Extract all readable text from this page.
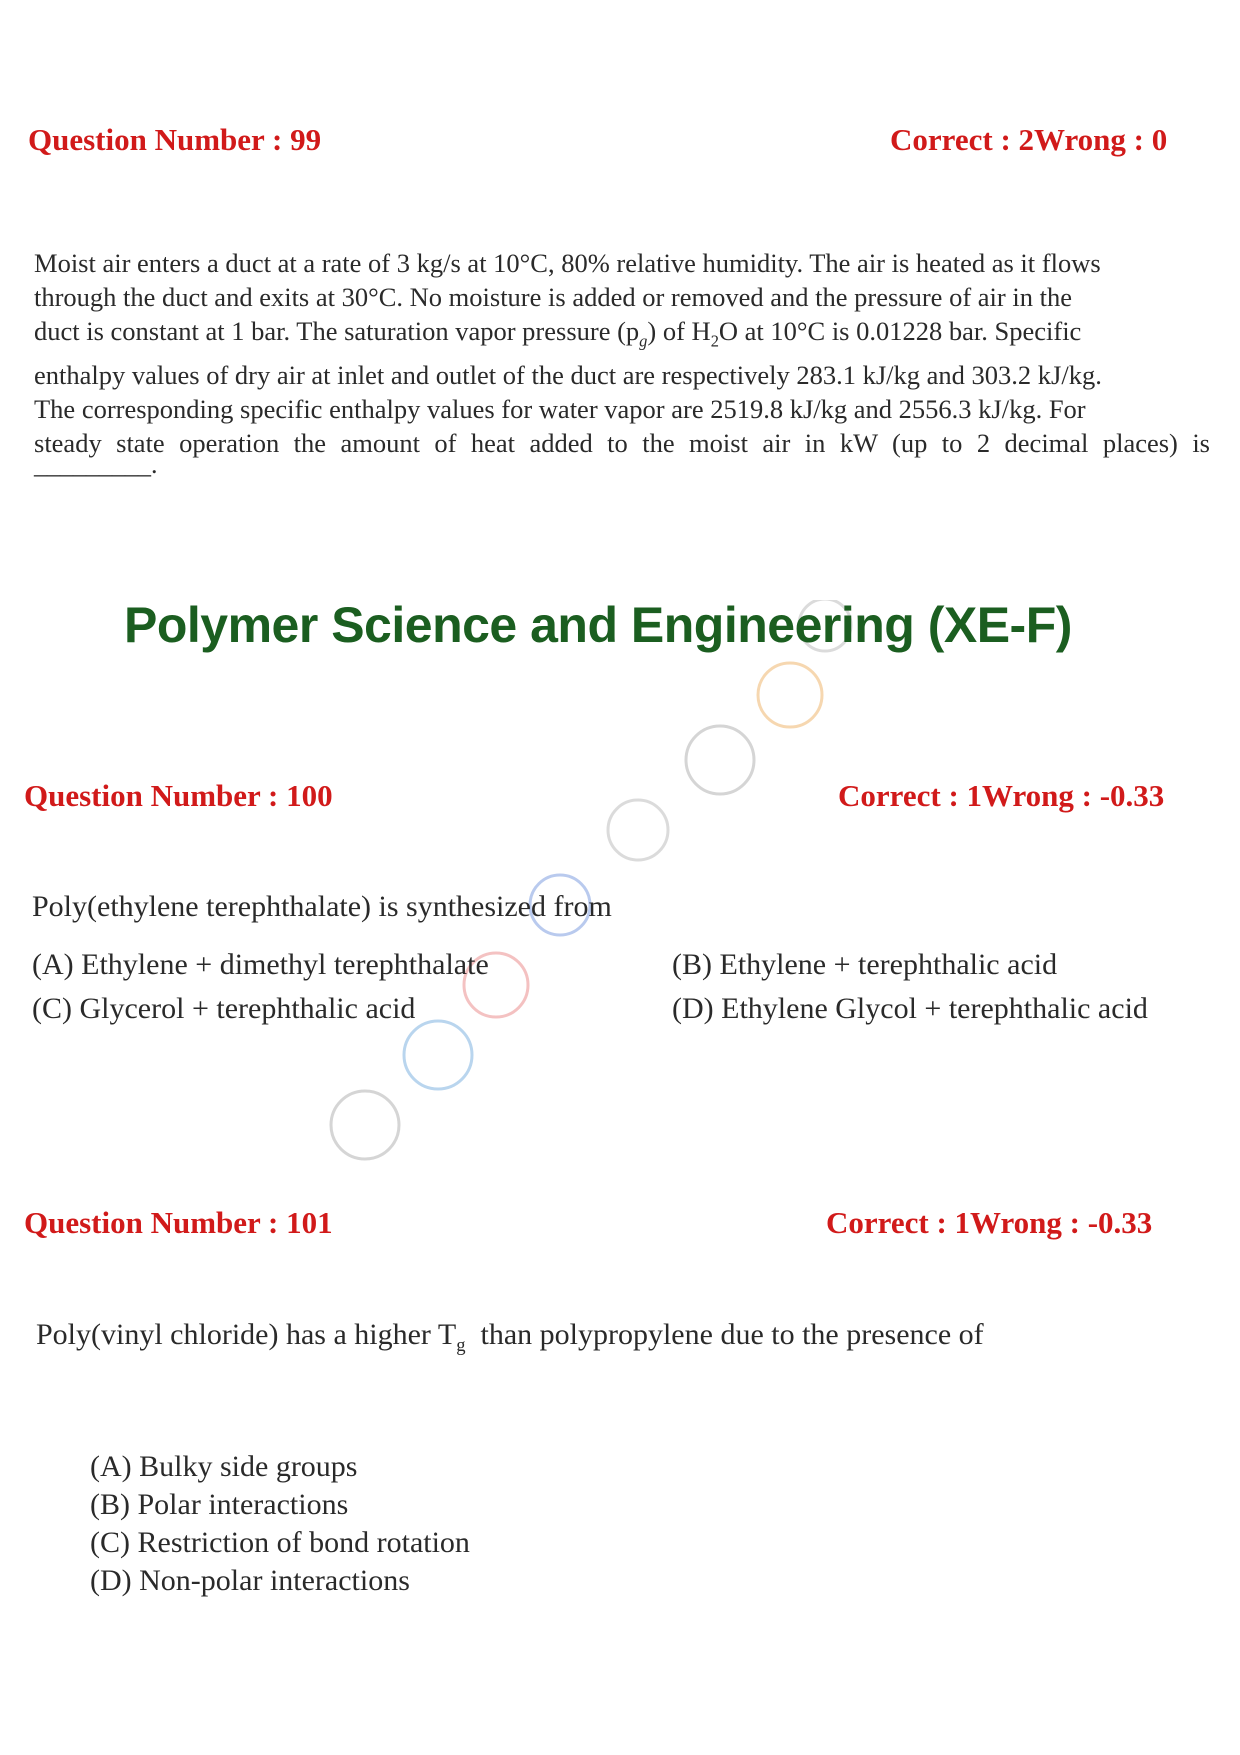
Question Number : 99	Correct : 2Wrong : 0
Moist air enters a duct at a rate of 3 kg/s at 10°C, 80% relative humidity. The air is heated as it flows
through the duct and exits at 30°C. No moisture is added or removed and the pressure of air in the
duct is constant at 1 bar. The saturation vapor pressure $(p_g)$ of $H_2O$ at 10°C is 0.01228 bar. Specific
enthalpy values of dry air at inlet and outlet of the duct are respectively 283.1 kJ/kg and 303.2 kJ/kg.
The corresponding specific enthalpy values for water vapor are 2519.8 kJ/kg and 2556.3 kJ/kg. For
steady state operation the amount of heat added to the moist air in kW (up to 2 decimal places) is
_________.
Polymer Science and Engineering (XE-F)
Question Number : 100	Correct : 1Wrong : -0.33
Poly(ethylene terephthalate) is synthesized from
(A) Ethylene + dimethyl terephthalate	(B) Ethylene + terephthalic acid
(C) Glycerol + terephthalic acid	(D) Ethylene Glycol + terephthalic acid
Question Number : 101	Correct : 1Wrong : -0.33
Poly(vinyl chloride) has a higher $T_g$  than polypropylene due to the presence of
(A) Bulky side groups
(B) Polar interactions
(C) Restriction of bond rotation
(D) Non-polar interactions
